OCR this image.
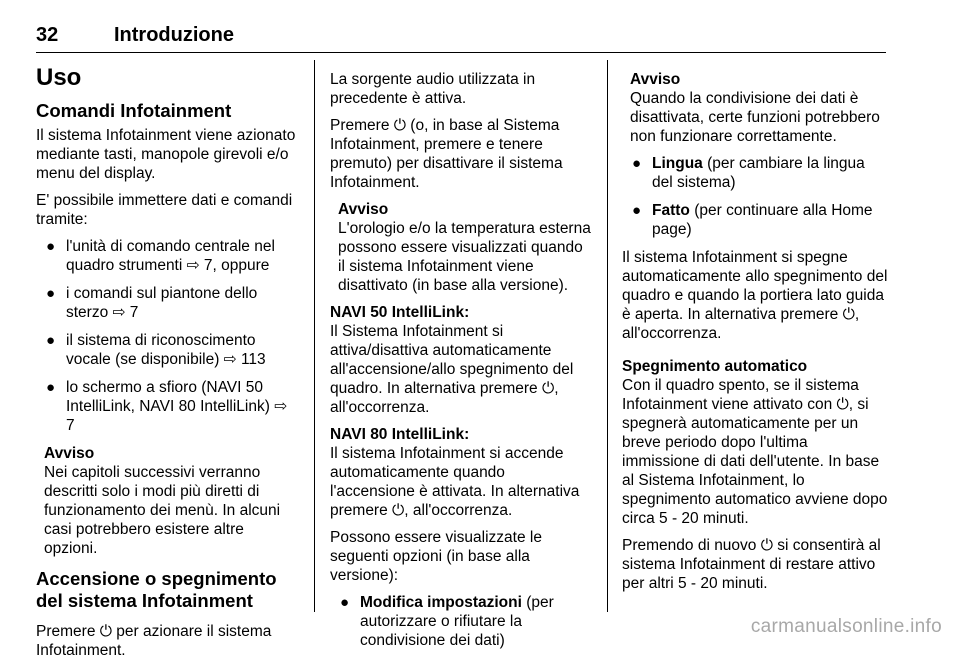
32	Introduzione
Uso
Comandi Infotainment

Il sistema Infotainment viene azionato mediante tasti, manopole girevoli e/o menu del display.

E' possibile immettere dati e comandi tramite:

● l'unità di comando centrale nel quadro strumenti ⇨ 7, oppure
● i comandi sul piantone dello sterzo ⇨ 7
● il sistema di riconoscimento vocale (se disponibile) ⇨ 113
● lo schermo a sfioro (NAVI 50 IntelliLink, NAVI 80 IntelliLink) ⇨ 7
Avviso
Nei capitoli successivi verranno descritti solo i modi più diretti di funzionamento dei menù. In alcuni casi potrebbero esistere altre opzioni.
Accensione o spegnimento del sistema Infotainment

Premere ⏻ per azionare il sistema Infotainment.

La sorgente audio utilizzata in precedente è attiva.

Premere ⏻ (o, in base al Sistema Infotainment, premere e tenere premuto) per disattivare il sistema Infotainment.

Avviso
L'orologio e/o la temperatura esterna possono essere visualizzati quando il sistema Infotainment viene disattivato (in base alla versione).
NAVI 50 IntelliLink:

Il Sistema Infotainment si attiva/disattiva automaticamente all'accensione/allo spegnimento del quadro. In alternativa premere ⏻, all'occorrenza.

NAVI 80 IntelliLink:

Il sistema Infotainment si accende automaticamente quando l'accensione è attivata. In alternativa premere ⏻, all'occorrenza.

Possono essere visualizzate le seguenti opzioni (in base alla versione):

● Modifica impostazioni (per autorizzare o rifiutare la condivisione dei dati)
Avviso
Quando la condivisione dei dati è disattivata, certe funzioni potrebbero non funzionare correttamente.
● Lingua (per cambiare la lingua del sistema)
● Fatto (per continuare alla Home page)

Il sistema Infotainment si spegne automaticamente allo spegnimento del quadro e quando la portiera lato guida è aperta. In alternativa premere ⏻, all'occorrenza.

Spegnimento automatico

Con il quadro spento, se il sistema Infotainment viene attivato con ⏻, si spegnerà automaticamente per un breve periodo dopo l'ultima immissione di dati dell'utente. In base al Sistema Infotainment, lo spegnimento automatico avviene dopo circa 5 - 20 minuti.

Premendo di nuovo ⏻ si consentirà al sistema Infotainment di restare attivo per altri 5 - 20 minuti.

carmanualsonline.info
